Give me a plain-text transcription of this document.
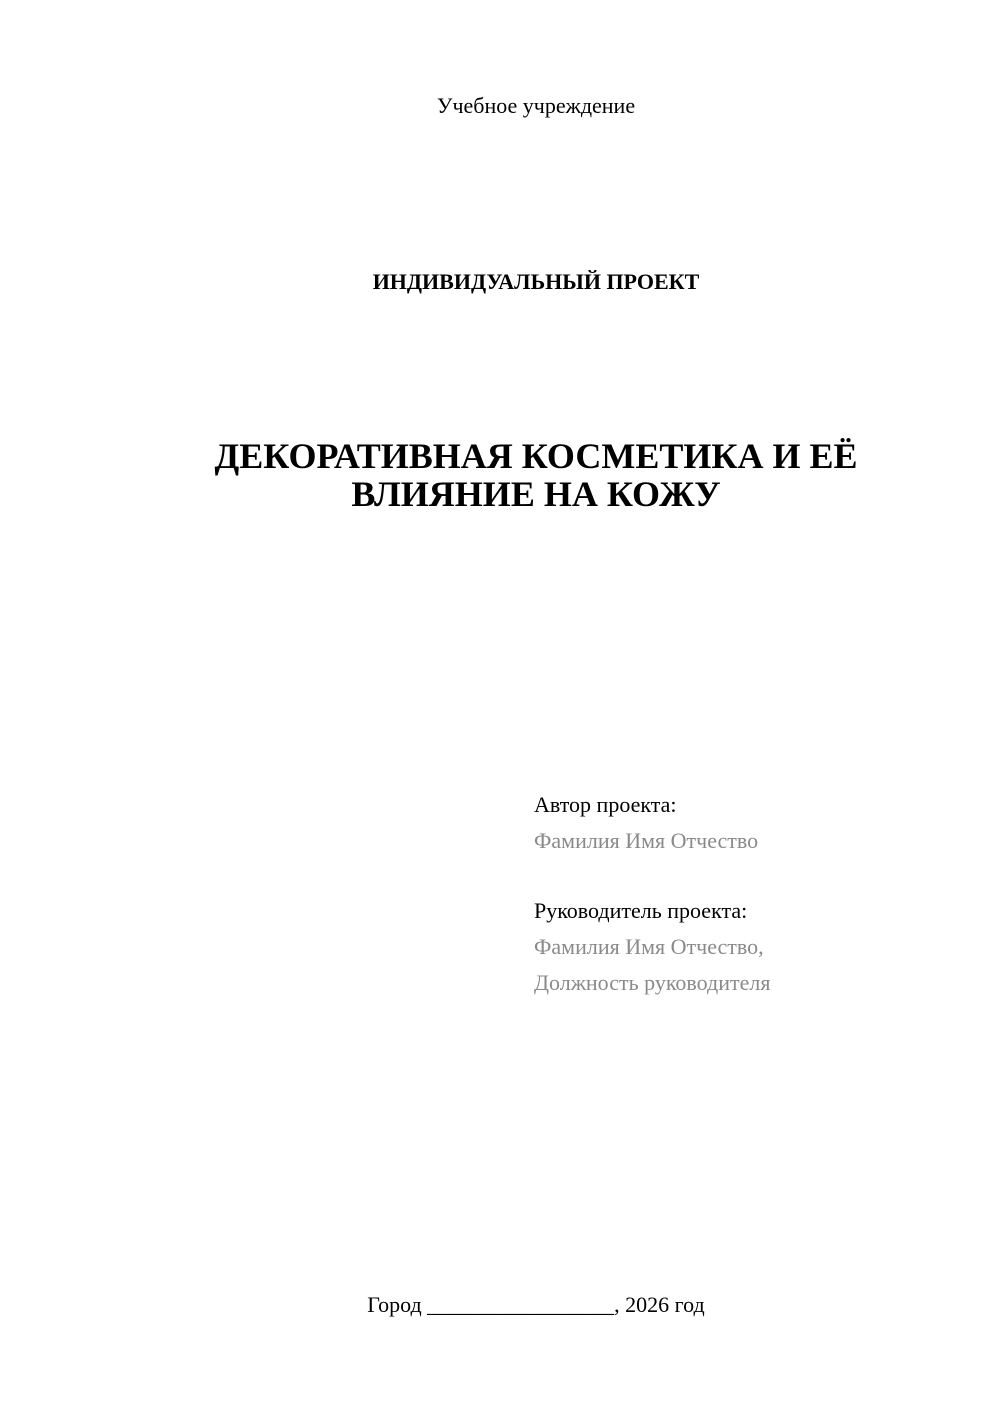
Учебное учреждение
ИНДИВИДУАЛЬНЫЙ ПРОЕКТ
ДЕКОРАТИВНАЯ КОСМЕТИКА И ЕЁ
ВЛИЯНИЕ НА КОЖУ
Автор проекта:
Фамилия Имя Отчество
Руководитель проекта:
Фамилия Имя Отчество,
Должность руководителя
Город _________________, 2026 год
